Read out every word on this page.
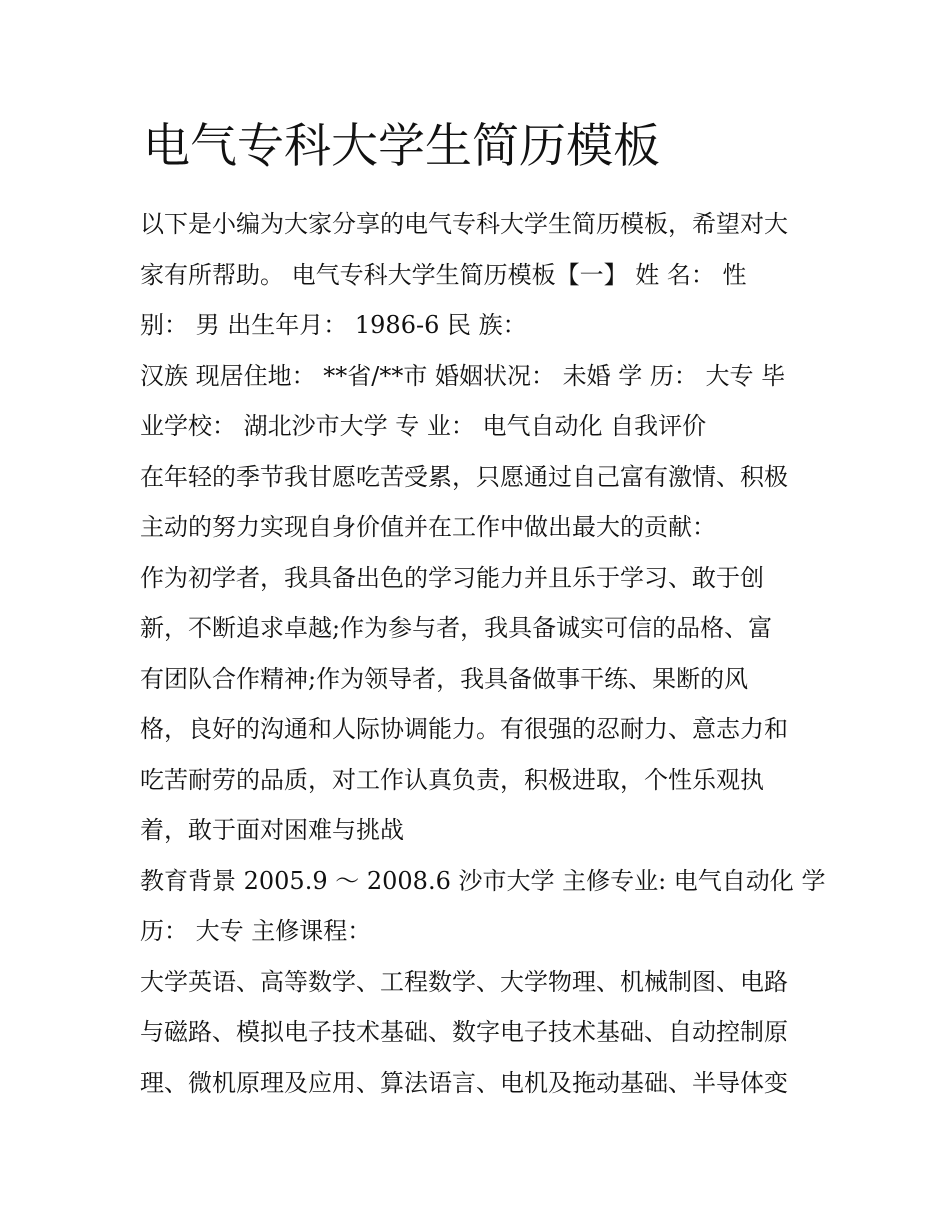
电气专科大学生简历模板

以下是小编为大家分享的电气专科大学生简历模板，希望对大

家有所帮助。 电气专科大学生简历模板【一】 姓 名： 性

别： 男 出生年月： 1986-6 民 族：

汉族 现居住地： **省/**市 婚姻状况： 未婚 学 历： 大专 毕

业学校： 湖北沙市大学 专 业： 电气自动化 自我评价

在年轻的季节我甘愿吃苦受累，只愿通过自己富有激情、积极

主动的努力实现自身价值并在工作中做出最大的贡献：

作为初学者，我具备出色的学习能力并且乐于学习、敢于创

新，不断追求卓越;作为参与者，我具备诚实可信的品格、富

有团队合作精神;作为领导者，我具备做事干练、果断的风

格，良好的沟通和人际协调能力。有很强的忍耐力、意志力和

吃苦耐劳的品质，对工作认真负责，积极进取，个性乐观执

着，敢于面对困难与挑战

教育背景 2005.9 ～ 2008.6 沙市大学 主修专业: 电气自动化 学

历： 大专 主修课程：

大学英语、高等数学、工程数学、大学物理、机械制图、电路

与磁路、模拟电子技术基础、数字电子技术基础、自动控制原

理、微机原理及应用、算法语言、电机及拖动基础、半导体变
